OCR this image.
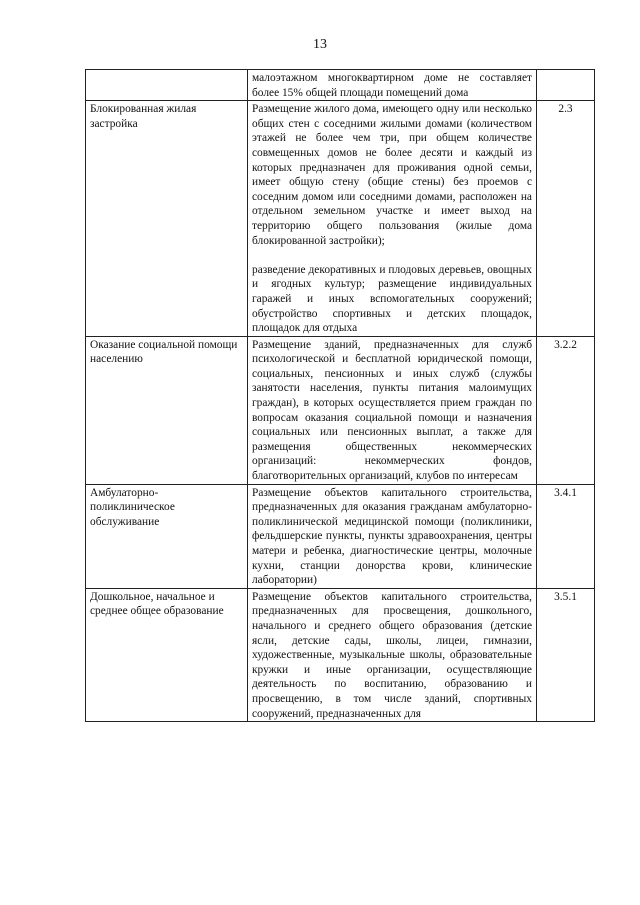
13

	малоэтажном многоквартирном доме не составляет более 15% общей площади помещений дома	

Блокированная жилая застройка	Размещение жилого дома, имеющего одну или несколько общих стен с соседними жилыми домами (количеством этажей не более чем три, при общем количестве совмещенных домов не более десяти и каждый из которых предназначен для проживания одной семьи, имеет общую стену (общие стены) без проемов с соседним домом или соседними домами, расположен на отдельном земельном участке и имеет выход на территорию общего пользования (жилые дома блокированной застройки);
разведение декоративных и плодовых деревьев, овощных и ягодных культур; размещение индивидуальных гаражей и иных вспомогательных сооружений; обустройство спортивных и детских площадок, площадок для отдыха	2.3
Оказание социальной помощи населению	Размещение зданий, предназначенных для служб психологической и бесплатной юридической помощи, социальных, пенсионных и иных служб (службы занятости населения, пункты питания малоимущих граждан), в которых осуществляется прием граждан по вопросам оказания социальной помощи и назначения социальных или пенсионных выплат, а также для размещения общественных некоммерческих организаций: некоммерческих фондов, благотворительных организаций, клубов по интересам	3.2.2
Амбулаторно-поликлиническое обслуживание	Размещение объектов капитального строительства, предназначенных для оказания гражданам амбулаторно-поликлинической медицинской помощи (поликлиники, фельдшерские пункты, пункты здравоохранения, центры матери и ребенка, диагностические центры, молочные кухни, станции донорства крови, клинические лаборатории)	3.4.1
Дошкольное, начальное и среднее общее образование	Размещение объектов капитального строительства, предназначенных для просвещения, дошкольного, начального и среднего общего образования (детские ясли, детские сады, школы, лицеи, гимназии, художественные, музыкальные школы, образовательные кружки и иные организации, осуществляющие деятельность по воспитанию, образованию и просвещению, в том числе зданий, спортивных сооружений, предназначенных для	3.5.1
